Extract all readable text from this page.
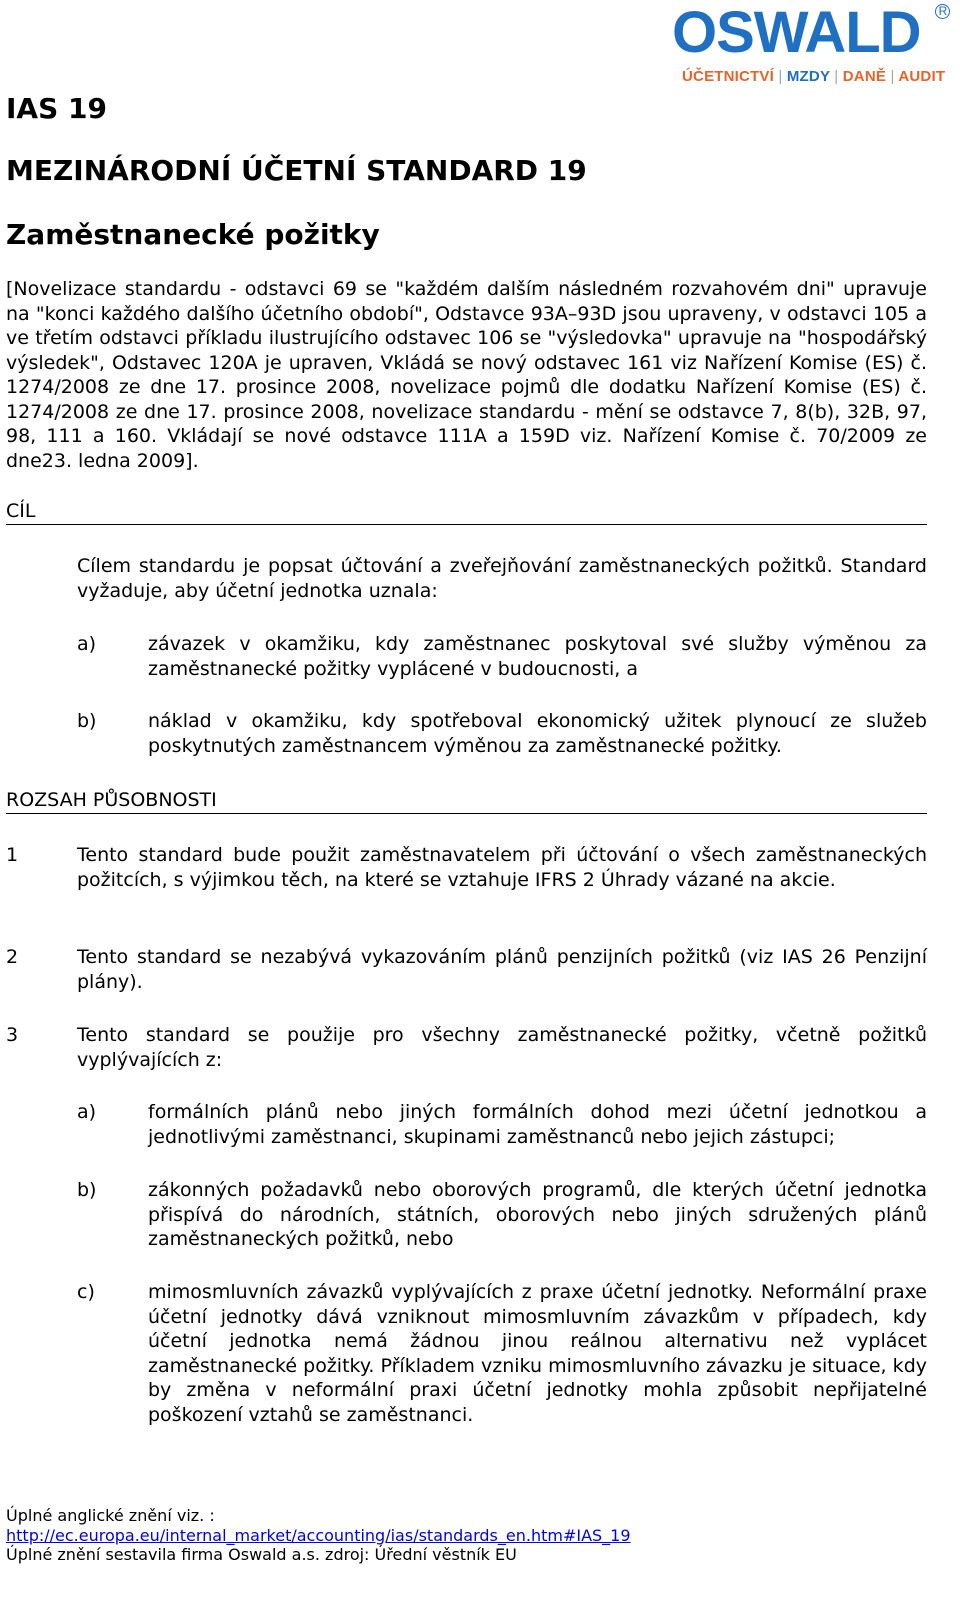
OSWALD	R
ÚČETNICTVÍ | MZDY | DANĚ | AUDIT
IAS 19
MEZINÁRODNÍ ÚČETNÍ STANDARD 19
Zaměstnanecké požitky
[Novelizace standardu - odstavci 69 se "každém dalším následném rozvahovém dni" upravuje na "konci každého dalšího účetního období", Odstavce 93A–93D jsou upraveny, v odstavci 105 a ve třetím odstavci příkladu ilustrujícího odstavec 106 se "výsledovka" upravuje na "hospodářský výsledek", Odstavec 120A je upraven, Vkládá se nový odstavec 161 viz Nařízení Komise (ES) č. 1274/2008 ze dne 17. prosince 2008, novelizace pojmů dle dodatku Nařízení Komise (ES) č. 1274/2008 ze dne 17. prosince 2008, novelizace standardu - mění se odstavce 7, 8(b), 32B, 97, 98, 111 a 160. Vkládají se nové odstavce 111A a 159D viz. Nařízení Komise č. 70/2009 ze dne23. ledna 2009].
CÍL
Cílem standardu je popsat účtování a zveřejňování zaměstnaneckých požitků. Standard vyžaduje, aby účetní jednotka uznala:
a)	závazek v okamžiku, kdy zaměstnanec poskytoval své služby výměnou za zaměstnanecké požitky vyplácené v budoucnosti, a
b)	náklad v okamžiku, kdy spotřeboval ekonomický užitek plynoucí ze služeb poskytnutých zaměstnancem výměnou za zaměstnanecké požitky.
ROZSAH PŮSOBNOSTI
1	Tento standard bude použit zaměstnavatelem při účtování o všech zaměstnaneckých požitcích, s výjimkou těch, na které se vztahuje IFRS 2 Úhrady vázané na akcie.
2	Tento standard se nezabývá vykazováním plánů penzijních požitků (viz IAS 26 Penzijní plány).
3	Tento standard se použije pro všechny zaměstnanecké požitky, včetně požitků vyplývajících z:
a)	formálních plánů nebo jiných formálních dohod mezi účetní jednotkou a jednotlivými zaměstnanci, skupinami zaměstnanců nebo jejich zástupci;
b)	zákonných požadavků nebo oborových programů, dle kterých účetní jednotka přispívá do národních, státních, oborových nebo jiných sdružených plánů zaměstnaneckých požitků, nebo
c)	mimosmluvních závazků vyplývajících z praxe účetní jednotky. Neformální praxe účetní jednotky dává vzniknout mimosmluvním závazkům v případech, kdy účetní jednotka nemá žádnou jinou reálnou alternativu než vyplácet zaměstnanecké požitky. Příkladem vzniku mimosmluvního závazku je situace, kdy by změna v neformální praxi účetní jednotky mohla způsobit nepřijatelné poškození vztahů se zaměstnanci.
Úplné anglické znění viz. :
http://ec.europa.eu/internal_market/accounting/ias/standards_en.htm#IAS_19
Úplné znění sestavila firma Oswald a.s. zdroj: Úřední věstník EU
